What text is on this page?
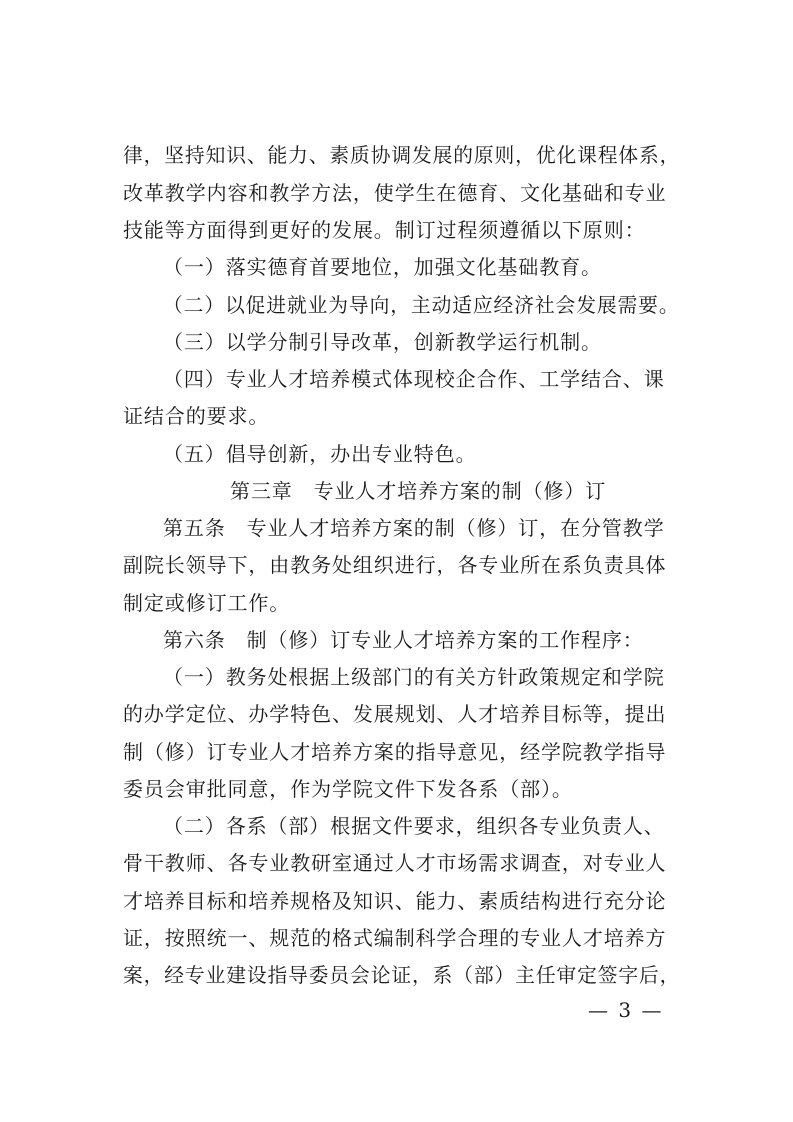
律，坚持知识、能力、素质协调发展的原则，优化课程体系，
改革教学内容和教学方法，使学生在德育、文化基础和专业
技能等方面得到更好的发展。制订过程须遵循以下原则：
（一）落实德育首要地位，加强文化基础教育。
（二）以促进就业为导向，主动适应经济社会发展需要。
（三）以学分制引导改革，创新教学运行机制。
（四）专业人才培养模式体现校企合作、工学结合、课
证结合的要求。
（五）倡导创新，办出专业特色。
第三章　专业人才培养方案的制（修）订
第五条　专业人才培养方案的制（修）订，在分管教学
副院长领导下，由教务处组织进行，各专业所在系负责具体
制定或修订工作。
第六条　制（修）订专业人才培养方案的工作程序：
（一）教务处根据上级部门的有关方针政策规定和学院
的办学定位、办学特色、发展规划、人才培养目标等，提出
制（修）订专业人才培养方案的指导意见，经学院教学指导
委员会审批同意，作为学院文件下发各系（部）。
（二）各系（部）根据文件要求，组织各专业负责人、
骨干教师、各专业教研室通过人才市场需求调查，对专业人
才培养目标和培养规格及知识、能力、素质结构进行充分论
证，按照统一、规范的格式编制科学合理的专业人才培养方
案，经专业建设指导委员会论证，系（部）主任审定签字后，
— 3 —
